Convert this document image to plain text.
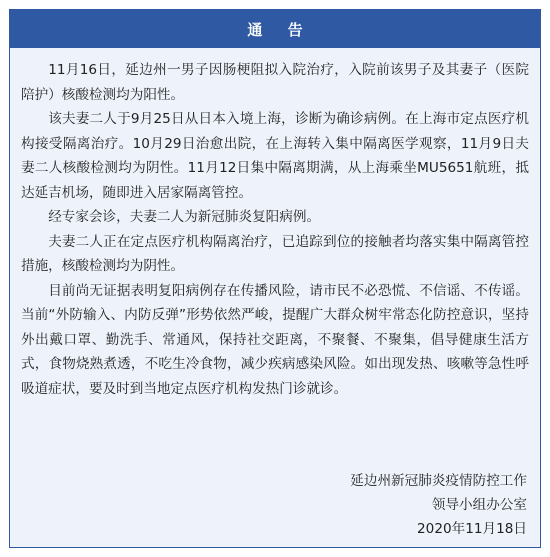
通 告

11月16日，延边州一男子因肠梗阻拟入院治疗，入院前该男子及其妻子（医院陪护）核酸检测均为阳性。

该夫妻二人于9月25日从日本入境上海，诊断为确诊病例。在上海市定点医疗机构接受隔离治疗。10月29日治愈出院，在上海转入集中隔离医学观察，11月9日夫妻二人核酸检测均为阴性。11月12日集中隔离期满，从上海乘坐MU5651航班，抵达延吉机场，随即进入居家隔离管控。

经专家会诊，夫妻二人为新冠肺炎复阳病例。

夫妻二人正在定点医疗机构隔离治疗，已追踪到位的接触者均落实集中隔离管控措施，核酸检测均为阴性。

目前尚无证据表明复阳病例存在传播风险，请市民不必恐慌、不信谣、不传谣。当前“外防输入、内防反弹”形势依然严峻，提醒广大群众树牢常态化防控意识，坚持外出戴口罩、勤洗手、常通风，保持社交距离，不聚餐、不聚集，倡导健康生活方式，食物烧熟煮透，不吃生冷食物，减少疾病感染风险。如出现发热、咳嗽等急性呼吸道症状，要及时到当地定点医疗机构发热门诊就诊。

延边州新冠肺炎疫情防控工作
领导小组办公室
2020年11月18日
